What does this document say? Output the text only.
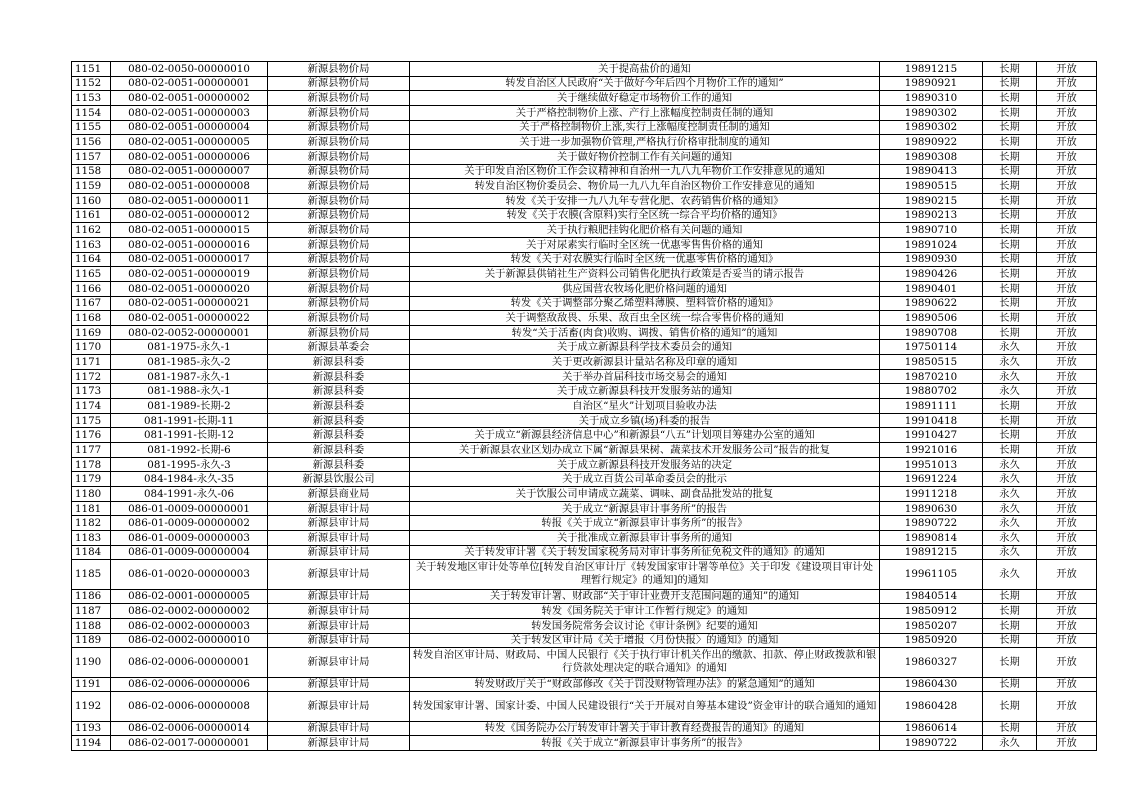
1151	080-02-0050-00000010	新源县物价局	关于提高盐价的通知	19891215	长期	开放
1152	080-02-0051-00000001	新源县物价局	转发自治区人民政府“关于做好今年后四个月物价工作的通知”	19890921	长期	开放
1153	080-02-0051-00000002	新源县物价局	关于继续做好稳定市场物价工作的通知	19890310	长期	开放
1154	080-02-0051-00000003	新源县物价局	关于严格控制物价上涨、产行上涨幅度控制责任制的通知	19890302	长期	开放
1155	080-02-0051-00000004	新源县物价局	关于严格控制物价上涨,实行上涨幅度控制责任制的通知	19890302	长期	开放
1156	080-02-0051-00000005	新源县物价局	关于进一步加强物价管理,严格执行价格审批制度的通知	19890922	长期	开放
1157	080-02-0051-00000006	新源县物价局	关于做好物价控制工作有关问题的通知	19890308	长期	开放
1158	080-02-0051-00000007	新源县物价局	关于印发自治区物价工作会议精神和自治州一九八九年物价工作安排意见的通知	19890413	长期	开放
1159	080-02-0051-00000008	新源县物价局	转发自治区物价委员会、物价局一九八九年自治区物价工作安排意见的通知	19890515	长期	开放
1160	080-02-0051-00000011	新源县物价局	转发《关于安排一九八九年专营化肥、农药销售价格的通知》	19890215	长期	开放
1161	080-02-0051-00000012	新源县物价局	转发《关于农膜(含原料)实行全区统一综合平均价格的通知》	19890213	长期	开放
1162	080-02-0051-00000015	新源县物价局	关于执行粮肥挂钩化肥价格有关问题的通知	19890710	长期	开放
1163	080-02-0051-00000016	新源县物价局	关于对尿素实行临时全区统一优惠零售售价格的通知	19891024	长期	开放
1164	080-02-0051-00000017	新源县物价局	转发《关于对农膜实行临时全区统一优惠零售价格的通知》	19890930	长期	开放
1165	080-02-0051-00000019	新源县物价局	关于新源县供销社生产资料公司销售化肥执行政策是否妥当的请示报告	19890426	长期	开放
1166	080-02-0051-00000020	新源县物价局	供应国营农牧场化肥价格问题的通知	19890401	长期	开放
1167	080-02-0051-00000021	新源县物价局	转发《关于调整部分聚乙烯塑料薄膜、塑料管价格的通知》	19890622	长期	开放
1168	080-02-0051-00000022	新源县物价局	关于调整敌敌畏、乐果、敌百虫全区统一综合零售价格的通知	19890506	长期	开放
1169	080-02-0052-00000001	新源县物价局	转发“关于活畜(肉食)收购、调拨、销售价格的通知”的通知	19890708	长期	开放
1170	081-1975-永久-1	新源县革委会	关于成立新源县科学技术委员会的通知	19750114	永久	开放
1171	081-1985-永久-2	新源县科委	关于更改新源县计量站名称及印章的通知	19850515	永久	开放
1172	081-1987-永久-1	新源县科委	关于举办首届科技市场交易会的通知	19870210	永久	开放
1173	081-1988-永久-1	新源县科委	关于成立新源县科技开发服务站的通知	19880702	永久	开放
1174	081-1989-长期-2	新源县科委	自治区“星火”计划项目验收办法	19891111	长期	开放
1175	081-1991-长期-11	新源县科委	关于成立乡镇(场)科委的报告	19910418	长期	开放
1176	081-1991-长期-12	新源县科委	关于成立“新源县经济信息中心”和新源县“八五”计划项目筹建办公室的通知	19910427	长期	开放
1177	081-1992-长期-6	新源县科委	关于新源县农业区划办成立下属“新源县果树、蔬菜技术开发服务公司”报告的批复	19921016	长期	开放
1178	081-1995-永久-3	新源县科委	关于成立新源县科技开发服务站的决定	19951013	永久	开放
1179	084-1984-永久-35	新源县饮服公司	关于成立百货公司革命委员会的批示	19691224	永久	开放
1180	084-1991-永久-06	新源县商业局	关于饮服公司申请成立蔬菜、调味、副食品批发站的批复	19911218	永久	开放
1181	086-01-0009-00000001	新源县审计局	关于成立“新源县审计事务所”的报告	19890630	永久	开放
1182	086-01-0009-00000002	新源县审计局	转报《关于成立“新源县审计事务所”的报告》	19890722	永久	开放
1183	086-01-0009-00000003	新源县审计局	关于批准成立新源县审计事务所的通知	19890814	永久	开放
1184	086-01-0009-00000004	新源县审计局	关于转发审计署《关于转发国家税务局对审计事务所征免税文件的通知》的通知	19891215	永久	开放
1185	086-01-0020-00000003	新源县审计局	关于转发地区审计处等单位[转发自治区审计厅《转发国家审计署等单位》关于印发《建设项目审计处理暂行规定》的通知]的通知	19961105	永久	开放
1186	086-02-0001-00000005	新源县审计局	关于转发审计署、财政部“关于审计业费开支范围问题的通知”的通知	19840514	长期	开放
1187	086-02-0002-00000002	新源县审计局	转发《国务院关于审计工作暂行规定》的通知	19850912	长期	开放
1188	086-02-0002-00000003	新源县审计局	转发国务院常务会议讨论《审计条例》纪要的通知	19850207	长期	开放
1189	086-02-0002-00000010	新源县审计局	关于转发区审计局《关于增报〈月份快报〉的通知》的通知	19850920	长期	开放
1190	086-02-0006-00000001	新源县审计局	转发自治区审计局、财政局、中国人民银行《关于执行审计机关作出的缴款、扣款、停止财政拨款和银行贷款处理决定的联合通知》的通知	19860327	长期	开放
1191	086-02-0006-00000006	新源县审计局	转发财政厅关于“财政部修改《关于罚没财物管理办法》的紧急通知”的通知	19860430	长期	开放
1192	086-02-0006-00000008	新源县审计局	转发国家审计署、国家计委、中国人民建设银行“关于开展对自筹基本建设”资金审计的联合通知的通知	19860428	长期	开放
1193	086-02-0006-00000014	新源县审计局	转发《国务院办公厅转发审计署关于审计教育经费报告的通知》的通知	19860614	长期	开放
1194	086-02-0017-00000001	新源县审计局	转报《关于成立“新源县审计事务所”的报告》	19890722	永久	开放
